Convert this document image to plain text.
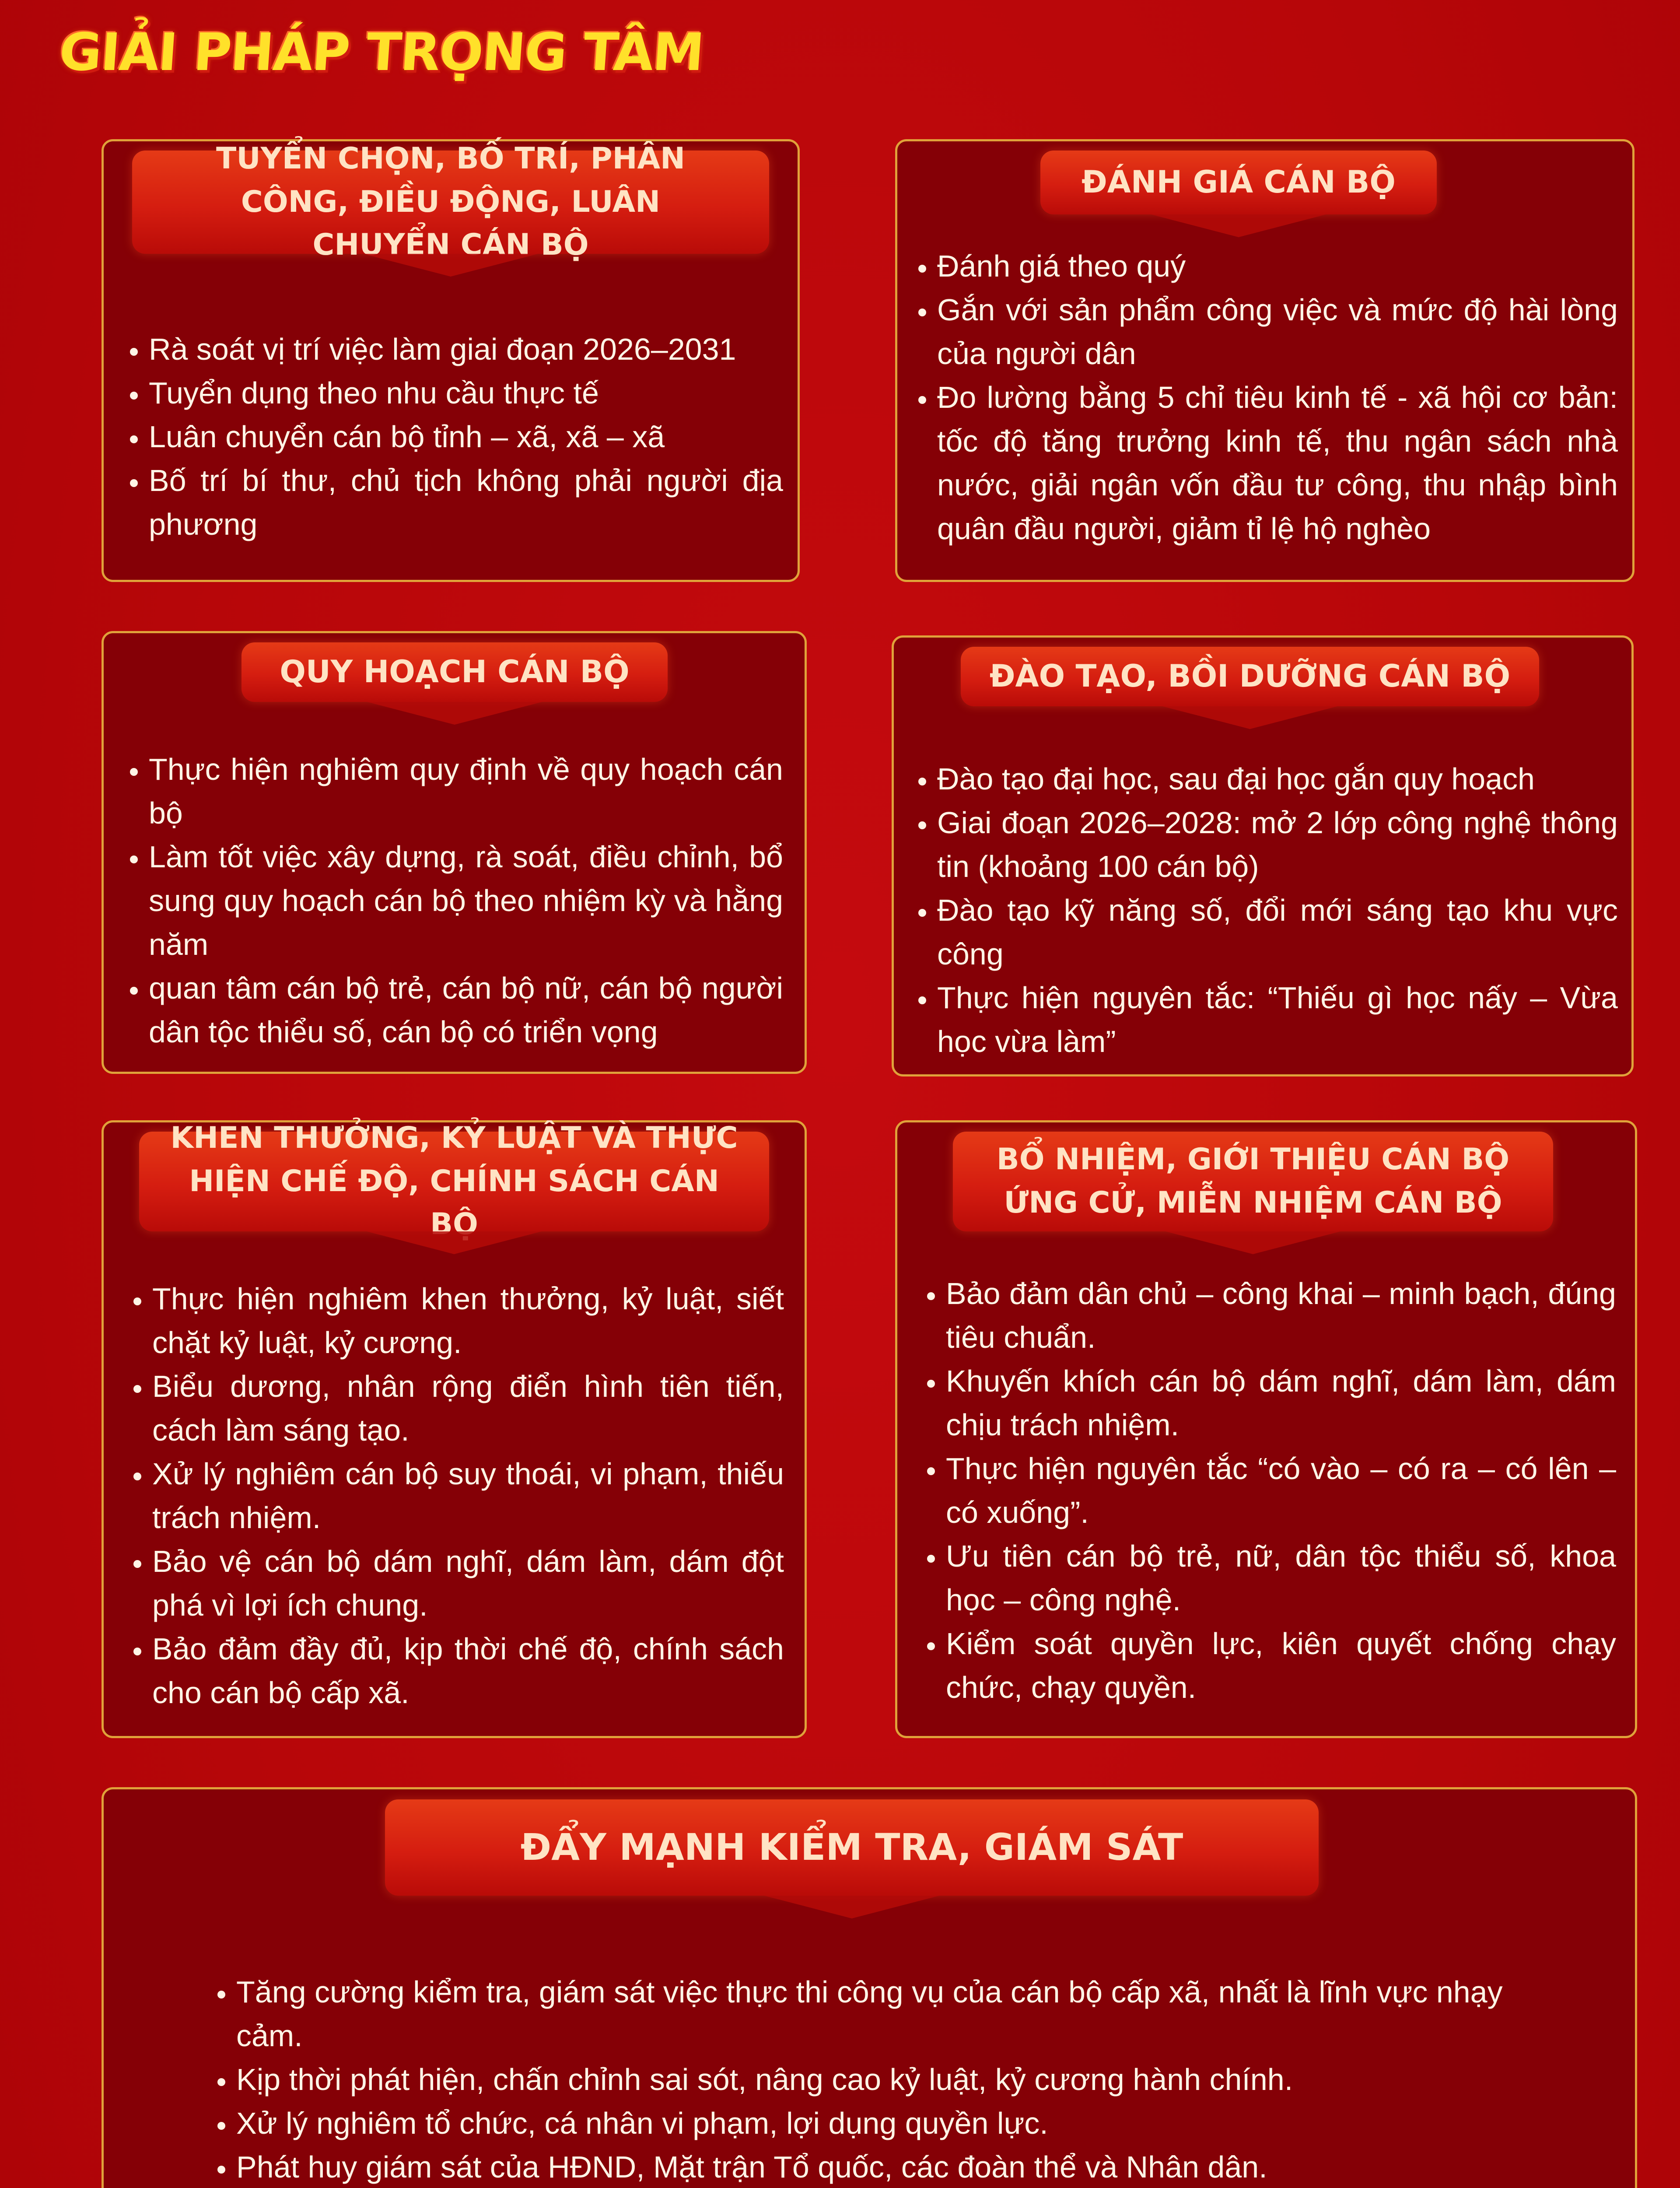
GIẢI PHÁP TRỌNG TÂM
TUYỂN CHỌN, BỐ TRÍ, PHÂN CÔNG, ĐIỀU ĐỘNG, LUÂN CHUYỂN CÁN BỘ
• Rà soát vị trí việc làm giai đoạn 2026–2031
• Tuyển dụng theo nhu cầu thực tế
• Luân chuyển cán bộ tỉnh – xã, xã – xã
• Bố trí bí thư, chủ tịch không phải người địa phương
ĐÁNH GIÁ CÁN BỘ
• Đánh giá theo quý
• Gắn với sản phẩm công việc và mức độ hài lòng của người dân
• Đo lường bằng 5 chỉ tiêu kinh tế - xã hội cơ bản: tốc độ tăng trưởng kinh tế, thu ngân sách nhà nước, giải ngân vốn đầu tư công, thu nhập bình quân đầu người, giảm tỉ lệ hộ nghèo
QUY HOẠCH CÁN BỘ
• Thực hiện nghiêm quy định về quy hoạch cán bộ
• Làm tốt việc xây dựng, rà soát, điều chỉnh, bổ sung quy hoạch cán bộ theo nhiệm kỳ và hằng năm
• quan tâm cán bộ trẻ, cán bộ nữ, cán bộ người dân tộc thiểu số, cán bộ có triển vọng
ĐÀO TẠO, BỒI DƯỠNG CÁN BỘ
• Đào tạo đại học, sau đại học gắn quy hoạch
• Giai đoạn 2026–2028: mở 2 lớp công nghệ thông tin (khoảng 100 cán bộ)
• Đào tạo kỹ năng số, đổi mới sáng tạo khu vực công
• Thực hiện nguyên tắc: “Thiếu gì học nấy – Vừa học vừa làm”
KHEN THƯỞNG, KỶ LUẬT VÀ THỰC HIỆN CHẾ ĐỘ, CHÍNH SÁCH CÁN BỘ
• Thực hiện nghiêm khen thưởng, kỷ luật, siết chặt kỷ luật, kỷ cương.
• Biểu dương, nhân rộng điển hình tiên tiến, cách làm sáng tạo.
• Xử lý nghiêm cán bộ suy thoái, vi phạm, thiếu trách nhiệm.
• Bảo vệ cán bộ dám nghĩ, dám làm, dám đột phá vì lợi ích chung.
• Bảo đảm đầy đủ, kịp thời chế độ, chính sách cho cán bộ cấp xã.
BỔ NHIỆM, GIỚI THIỆU CÁN BỘ ỨNG CỬ, MIỄN NHIỆM CÁN BỘ
• Bảo đảm dân chủ – công khai – minh bạch, đúng tiêu chuẩn.
• Khuyến khích cán bộ dám nghĩ, dám làm, dám chịu trách nhiệm.
• Thực hiện nguyên tắc “có vào – có ra – có lên – có xuống”.
• Ưu tiên cán bộ trẻ, nữ, dân tộc thiểu số, khoa học – công nghệ.
• Kiểm soát quyền lực, kiên quyết chống chạy chức, chạy quyền.
ĐẨY MẠNH KIỂM TRA, GIÁM SÁT
• Tăng cường kiểm tra, giám sát việc thực thi công vụ của cán bộ cấp xã, nhất là lĩnh vực nhạy cảm.
• Kịp thời phát hiện, chấn chỉnh sai sót, nâng cao kỷ luật, kỷ cương hành chính.
• Xử lý nghiêm tổ chức, cá nhân vi phạm, lợi dụng quyền lực.
• Phát huy giám sát của HĐND, Mặt trận Tổ quốc, các đoàn thể và Nhân dân.
